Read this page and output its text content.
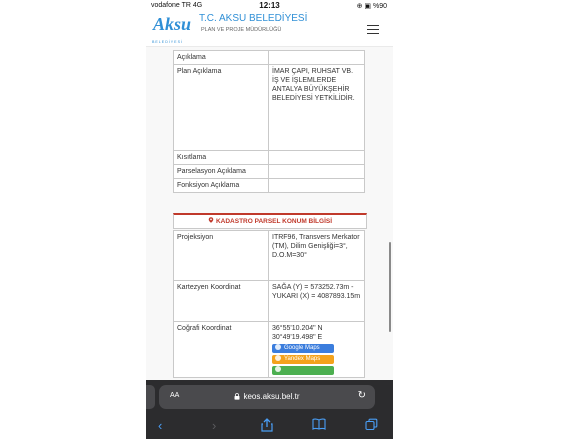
vodafone TR 4G	12:13	⊕ ▣ %90
Aksu
BELEDİYESİ
T.C. AKSU BELEDİYESİ
PLAN VE PROJE MÜDÜRLÜĞÜ
Açıklama	
Plan Açıklama	İMAR ÇAPI, RUHSAT VB. İŞ VE İŞLEMLERDE ANTALYA BÜYÜKŞEHİR BELEDİYESİ YETKİLİDİR.
Kısıtlama	
Parselasyon Açıklama	
Fonksiyon Açıklama	
KADASTRO PARSEL KONUM BİLGİSİ
Projeksiyon	ITRF96, Transvers Merkator (TM), Dilim Genişliği=3°, D.O.M=30°
Kartezyen Koordinat	SAĞA (Y) = 573252.73m - YUKARI (X) = 4087893.15m
Coğrafi Koordinat	36°55'10.204" N
30°49'19.498" E
Google Maps
Yandex Maps
AA	keos.aksu.bel.tr	↻
‹	›
